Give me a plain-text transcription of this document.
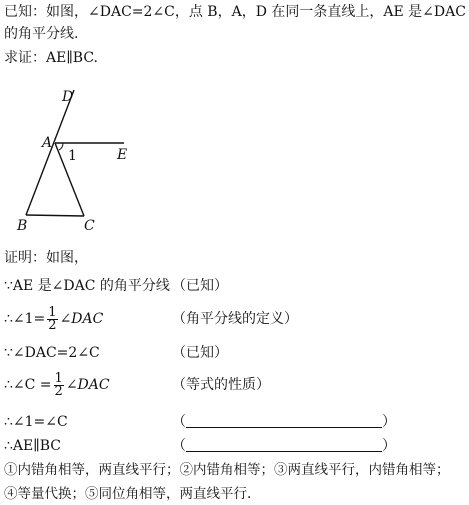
已知：如图，∠DAC=2∠C，点 B，A，D 在同一条直线上，AE 是∠DAC
的角平分线.
求证：AE∥BC.
D
A
1	E
B	C
证明：如图，
∵AE 是∠DAC 的角平分线 （已知）
∴∠1= $\frac{1}{2}$ ∠DAC	（角平分线的定义）
∵∠DAC=2∠C	（已知）
∴∠C = $\frac{1}{2}$ ∠DAC	（等式的性质）
∴∠1=∠C	（	）
∴AE∥BC	（	）
①内错角相等，两直线平行；②内错角相等；③两直线平行，内错角相等；
④等量代换；⑤同位角相等，两直线平行.
